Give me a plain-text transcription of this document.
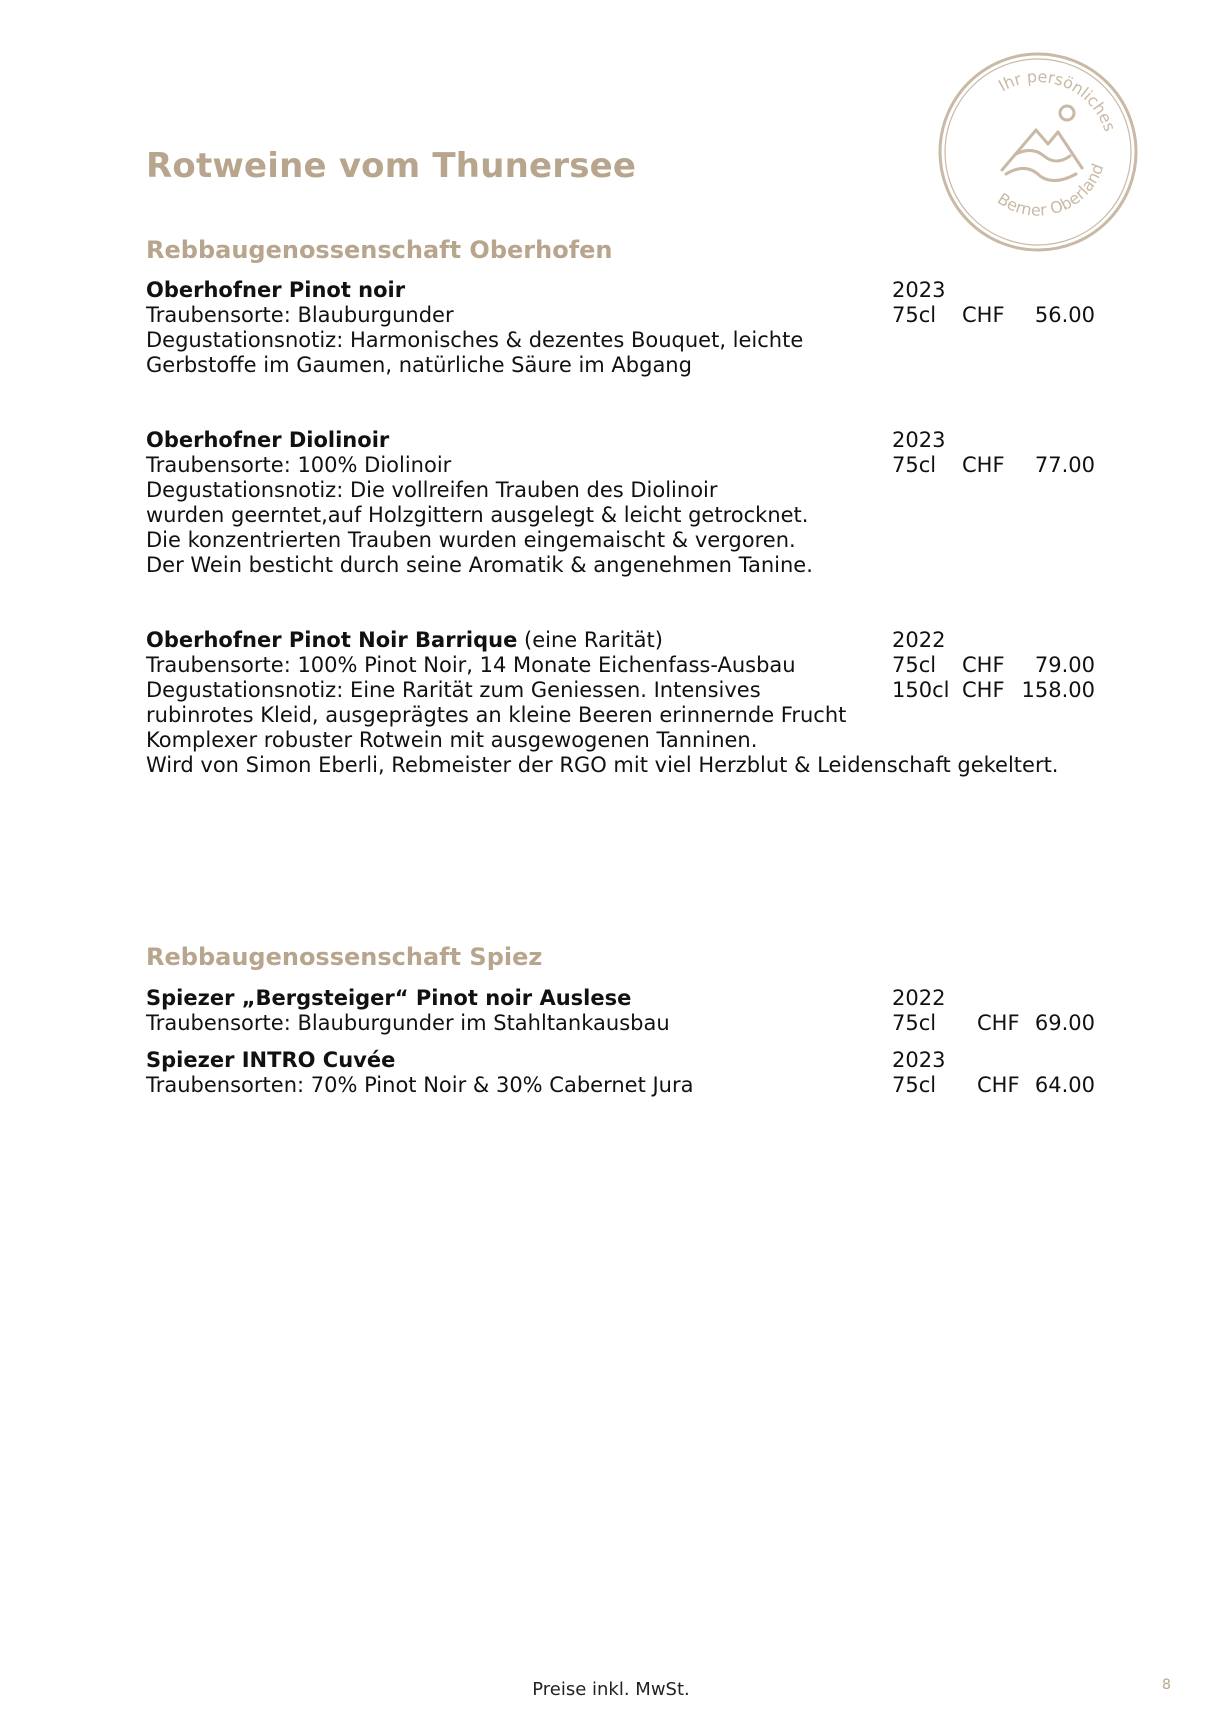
Ihr persönliches
Berner Oberland
Rotweine vom Thunersee
Rebbaugenossenschaft Oberhofen
Oberhofner Pinot noir	2023
Traubensorte: Blauburgunder	75cl CHF	56.00
Degustationsnotiz: Harmonisches & dezentes Bouquet, leichte
Gerbstoffe im Gaumen, natürliche Säure im Abgang
Oberhofner Diolinoir	2023
Traubensorte: 100% Diolinoir	75cl CHF	77.00
Degustationsnotiz: Die vollreifen Trauben des Diolinoir
wurden geerntet,auf Holzgittern ausgelegt & leicht getrocknet.
Die konzentrierten Trauben wurden eingemaischt & vergoren.
Der Wein besticht durch seine Aromatik & angenehmen Tanine.
Oberhofner Pinot Noir Barrique (eine Rarität)	2022
Traubensorte: 100% Pinot Noir, 14 Monate Eichenfass-Ausbau	75cl CHF	79.00
Degustationsnotiz: Eine Rarität zum Geniessen. Intensives	150cl CHF 158.00
rubinrotes Kleid, ausgeprägtes an kleine Beeren erinnernde Frucht
Komplexer robuster Rotwein mit ausgewogenen Tanninen.
Wird von Simon Eberli, Rebmeister der RGO mit viel Herzblut & Leidenschaft gekeltert.
Rebbaugenossenschaft Spiez
Spiezer „Bergsteiger“ Pinot noir Auslese	2022
Traubensorte: Blauburgunder im Stahltankausbau	75cl CHF 69.00
Spiezer INTRO Cuvée	2023
Traubensorten: 70% Pinot Noir & 30% Cabernet Jura	75cl CHF 64.00
Preise inkl. MwSt.	8
